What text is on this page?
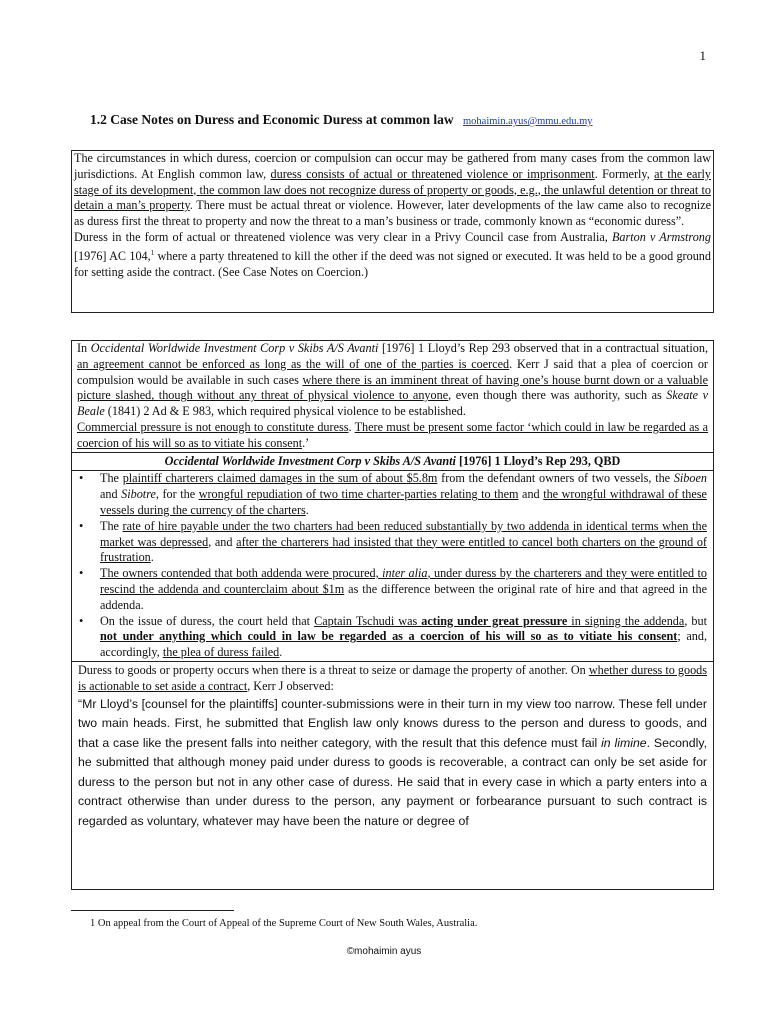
1
1.2 Case Notes on Duress and Economic Duress at common law mohaimin.ayus@mmu.edu.my

The circumstances in which duress, coercion or compulsion can occur may be gathered from many cases from the common law jurisdictions. At English common law, duress consists of actual or threatened violence or imprisonment. Formerly, at the early stage of its development, the common law does not recognize duress of property or goods, e.g., the unlawful detention or threat to detain a man’s property. There must be actual threat or violence. However, later developments of the law came also to recognize as duress first the threat to property and now the threat to a man’s business or trade, commonly known as “economic duress”.

Duress in the form of actual or threatened violence was very clear in a Privy Council case from Australia, Barton v Armstrong [1976] AC 104,$^1$ where a party threatened to kill the other if the deed was not signed or executed. It was held to be a good ground for setting aside the contract. (See Case Notes on Coercion.)

In Occidental Worldwide Investment Corp v Skibs A/S Avanti [1976] 1 Lloyd’s Rep 293 observed that in a contractual situation, an agreement cannot be enforced as long as the will of one of the parties is coerced. Kerr J said that a plea of coercion or compulsion would be available in such cases where there is an imminent threat of having one’s house burnt down or a valuable picture slashed, though without any threat of physical violence to anyone, even though there was authority, such as Skeate v Beale (1841) 2 Ad & E 983, which required physical violence to be established.

Commercial pressure is not enough to constitute duress. There must be present some factor ‘which could in law be regarded as a coercion of his will so as to vitiate his consent.’

Occidental Worldwide Investment Corp v Skibs A/S Avanti [1976] 1 Lloyd’s Rep 293, QBD
• The plaintiff charterers claimed damages in the sum of about $5.8m from the defendant owners of two vessels, the Siboen and Sibotre, for the wrongful repudiation of two time charter-parties relating to them and the wrongful withdrawal of these vessels during the currency of the charters.
• The rate of hire payable under the two charters had been reduced substantially by two addenda in identical terms when the market was depressed, and after the charterers had insisted that they were entitled to cancel both charters on the ground of frustration.
• The owners contended that both addenda were procured, inter alia, under duress by the charterers and they were entitled to rescind the addenda and counterclaim about $1m as the difference between the original rate of hire and that agreed in the addenda.
• On the issue of duress, the court held that Captain Tschudi was acting under great pressure in signing the addenda, but not under anything which could in law be regarded as a coercion of his will so as to vitiate his consent; and, accordingly, the plea of duress failed.

Duress to goods or property occurs when there is a threat to seize or damage the property of another. On whether duress to goods is actionable to set aside a contract, Kerr J observed:

“Mr Lloyd’s [counsel for the plaintiffs] counter-submissions were in their turn in my view too narrow. These fell under two main heads. First, he submitted that English law only knows duress to the person and duress to goods, and that a case like the present falls into neither category, with the result that this defence must fail in limine. Secondly, he submitted that although money paid under duress to goods is recoverable, a contract can only be set aside for duress to the person but not in any other case of duress. He said that in every case in which a party enters into a contract otherwise than under duress to the person, any payment or forbearance pursuant to such contract is regarded as voluntary, whatever may have been the nature or degree of

1 On appeal from the Court of Appeal of the Supreme Court of New South Wales, Australia.
©mohaimin ayus
